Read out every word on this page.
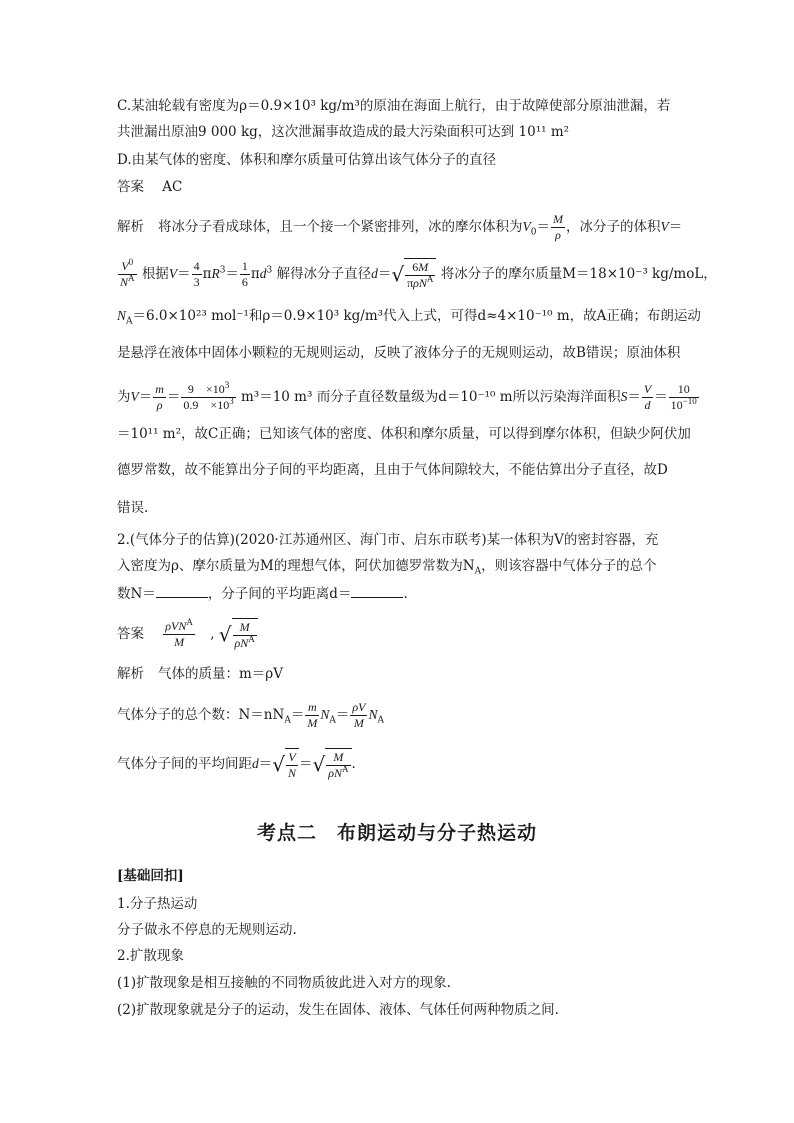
C.某油轮载有密度为ρ＝0.9×10³ kg/m³的原油在海面上航行，由于故障使部分原油泄漏，若
共泄漏出原油9 000 kg，这次泄漏事故造成的最大污染面积可达到 10¹¹ m²
D.由某气体的密度、体积和摩尔质量可估算出该气体分子的直径
答案 AC
解析 将冰分子看成球体，且一个接一个紧密排列，冰的摩尔体积为$V_0= \frac{M}{\rho}$ ，冰分子的体积V＝
$\frac{V^0}{N^A}$ 根据$V= \frac{4}{3} \pi R^3= \frac{1}{6} \pi d^3$ 解得冰分子直径$d=√ \frac{6M}{\pi\rho N^A}$ 将冰分子的摩尔质量M＝18×10⁻³ kg/moL，
$N_A=6.0\times 10^{23}$ mol⁻¹和ρ＝0.9×10³ kg/m³代入上式，可得d≈4×10⁻¹⁰ m，故A正确；布朗运动
是悬浮在液体中固体小颗粒的无规则运动，反映了液体分子的无规则运动，故B错误；原油体积
为$V= \frac{m}{\rho} = \frac{9 \times 10^3}{0.9 \times 10^3} m^3=10$ m³ 而分子直径数量级为d＝10⁻¹⁰ m所以污染海洋面积$S= \frac{V}{d} = \frac{10}{10^{-10}}$
＝10¹¹ m²，故C正确；已知该气体的密度、体积和摩尔质量，可以得到摩尔体积，但缺少阿伏加
德罗常数，故不能算出分子间的平均距离，且由于气体间隙较大，不能估算出分子直径，故D
错误.
2.(气体分子的估算)(2020·江苏通州区、海门市、启东市联考)某一体积为V的密封容器，充
入密度为ρ、摩尔质量为M的理想气体，阿伏加德罗常数为$N_A$，则该容器中气体分子的总个
数N＝	，分子间的平均距离d＝	.
答案 $\frac{\rho VN^A}{M}$ , √ $\frac{M}{\rho N^A}$
解析 气体的质量：m＝ρV
气体分子的总个数：$N=nN_A= \frac{m}{M} N_A= \frac{\rho V}{M} N_A$
气体分子间的平均间距$d=√ \frac{V}{N}$ ＝√ $\frac{M}{\rho N^A}$ .
考点二　布朗运动与分子热运动
[基础回扣]
1.分子热运动
分子做永不停息的无规则运动.
2.扩散现象
(1)扩散现象是相互接触的不同物质彼此进入对方的现象.
(2)扩散现象就是分子的运动，发生在固体、液体、气体任何两种物质之间.
